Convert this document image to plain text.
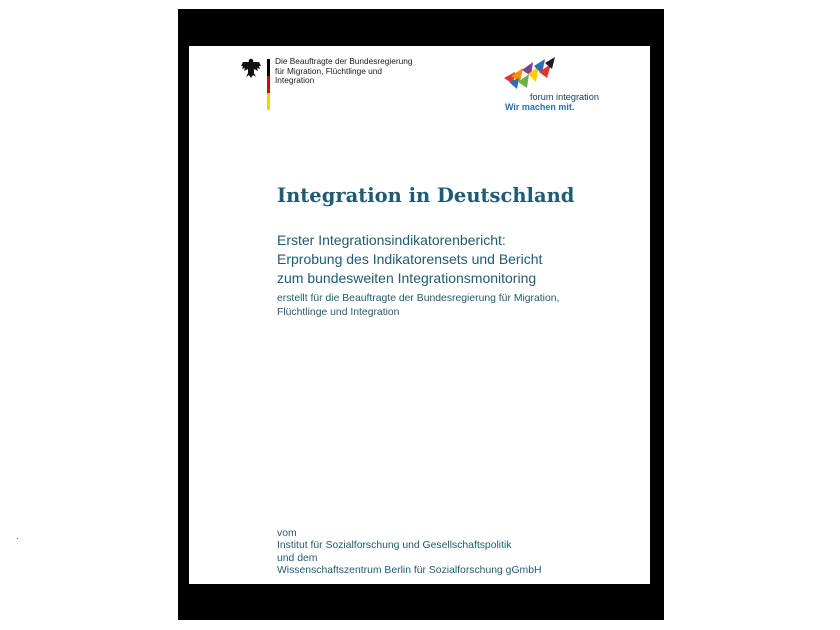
Die Beauftragte der Bundesregierung
für Migration, Flüchtlinge und
Integration
forum integration
Wir machen mit.
Integration in Deutschland
Erster Integrationsindikatorenbericht:
Erprobung des Indikatorensets und Bericht
zum bundesweiten Integrationsmonitoring
erstellt für die Beauftragte der Bundesregierung für Migration,
Flüchtlinge und Integration
vom
Institut für Sozialforschung und Gesellschaftspolitik
und dem
Wissenschaftszentrum Berlin für Sozialforschung gGmbH
